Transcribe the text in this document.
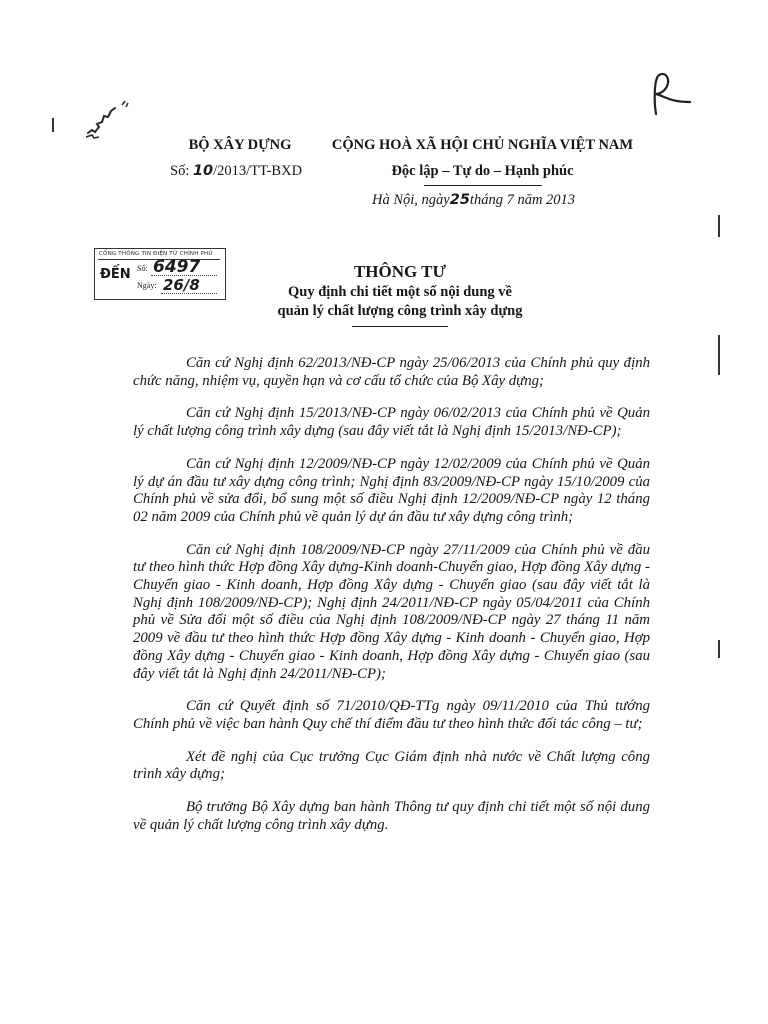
BỘ XÂY DỰNG
Số: 10/2013/TT-BXD
CỘNG HOÀ XÃ HỘI CHỦ NGHĨA VIỆT NAM
Độc lập – Tự do – Hạnh phúc
Hà Nội, ngày25tháng 7 năm 2013
CỔNG THÔNG TIN ĐIỆN TỬ CHÍNH PHỦ
ĐẾN Số: 6497
Ngày: 26/8
THÔNG TƯ
Quy định chi tiết một số nội dung về
quản lý chất lượng công trình xây dựng

Căn cứ Nghị định 62/2013/NĐ-CP ngày 25/06/2013 của Chính phủ quy định chức năng, nhiệm vụ, quyền hạn và cơ cấu tổ chức của Bộ Xây dựng;

Căn cứ Nghị định 15/2013/NĐ-CP ngày 06/02/2013 của Chính phủ về Quản lý chất lượng công trình xây dựng (sau đây viết tắt là Nghị định 15/2013/NĐ-CP);

Căn cứ Nghị định 12/2009/NĐ-CP ngày 12/02/2009 của Chính phủ về Quản lý dự án đầu tư xây dựng công trình; Nghị định 83/2009/NĐ-CP ngày 15/10/2009 của Chính phủ về sửa đổi, bổ sung một số điều Nghị định 12/2009/NĐ-CP ngày 12 tháng 02 năm 2009 của Chính phủ về quản lý dự án đầu tư xây dựng công trình;

Căn cứ Nghị định 108/2009/NĐ-CP ngày 27/11/2009 của Chính phủ về đầu tư theo hình thức Hợp đồng Xây dựng-Kinh doanh-Chuyển giao, Hợp đồng Xây dựng - Chuyển giao - Kinh doanh, Hợp đồng Xây dựng - Chuyển giao (sau đây viết tắt là Nghị định 108/2009/NĐ-CP); Nghị định 24/2011/NĐ-CP ngày 05/04/2011 của Chính phủ về Sửa đổi một số điều của Nghị định 108/2009/NĐ-CP ngày 27 tháng 11 năm 2009 về đầu tư theo hình thức Hợp đồng Xây dựng - Kinh doanh - Chuyển giao, Hợp đồng Xây dựng - Chuyển giao - Kinh doanh, Hợp đồng Xây dựng - Chuyển giao (sau đây viết tắt là Nghị định 24/2011/NĐ-CP);

Căn cứ Quyết định số 71/2010/QĐ-TTg ngày 09/11/2010 của Thủ tướng Chính phủ về việc ban hành Quy chế thí điểm đầu tư theo hình thức đối tác công – tư;

Xét đề nghị của Cục trưởng Cục Giám định nhà nước về Chất lượng công trình xây dựng;

Bộ trưởng Bộ Xây dựng ban hành Thông tư quy định chi tiết một số nội dung về quản lý chất lượng công trình xây dựng.
